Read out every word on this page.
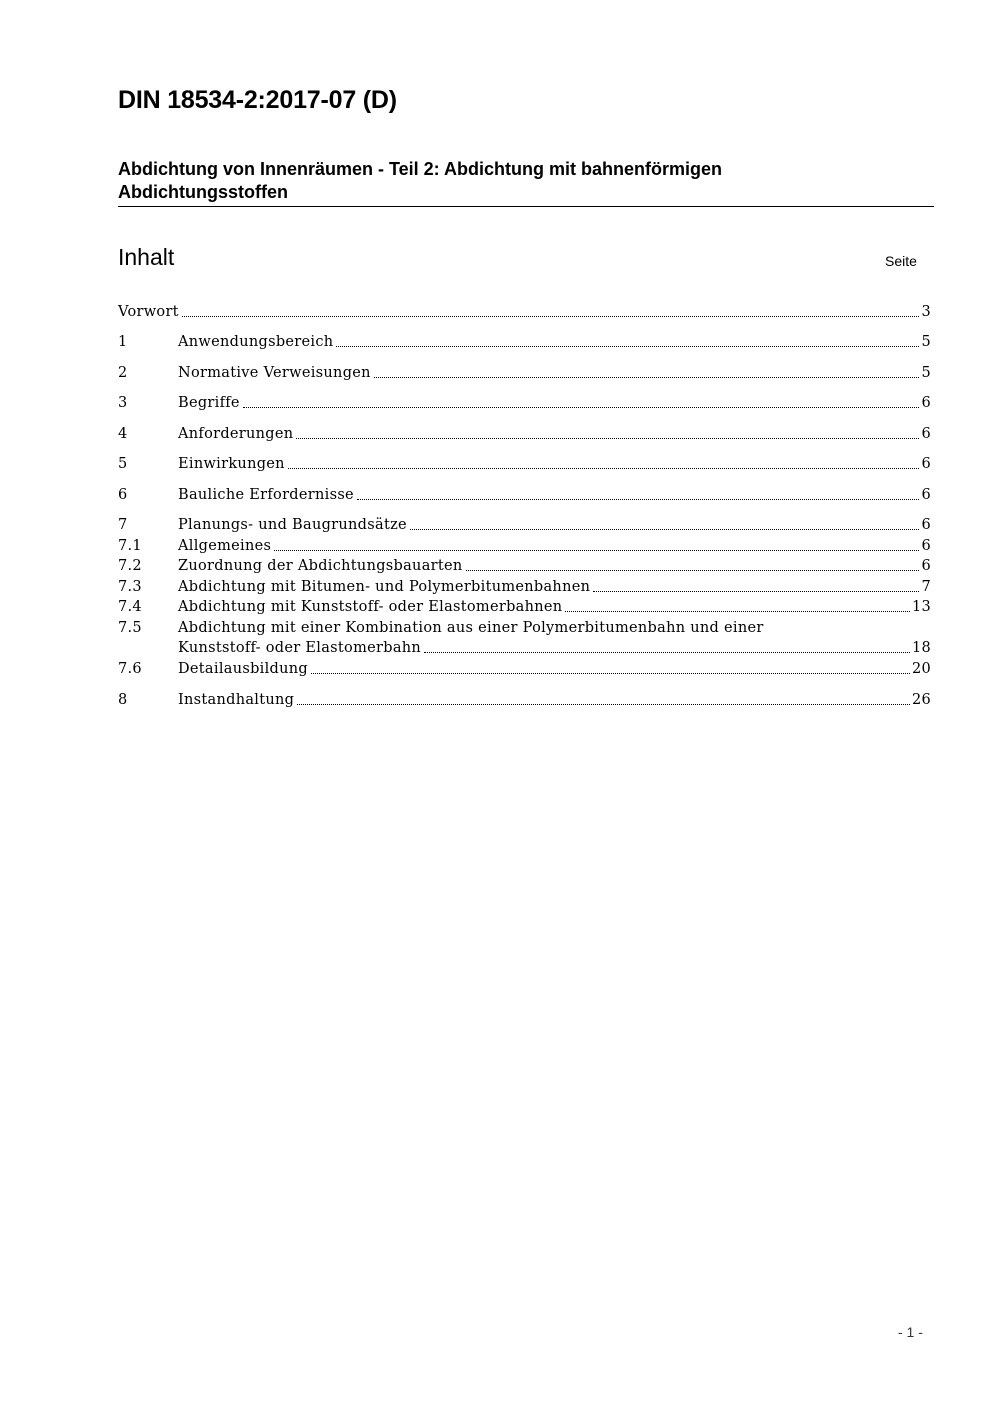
DIN 18534-2:2017-07 (D)
Abdichtung von Innenräumen - Teil 2: Abdichtung mit bahnenförmigen Abdichtungsstoffen
Inhalt	Seite
Vorwort	3
1	Anwendungsbereich	5
2	Normative Verweisungen	5
3	Begriffe	6
4	Anforderungen	6
5	Einwirkungen	6
6	Bauliche Erfordernisse	6
7	Planungs- und Baugrundsätze	6
7.1	Allgemeines	6
7.2	Zuordnung der Abdichtungsbauarten	6
7.3	Abdichtung mit Bitumen- und Polymerbitumenbahnen	7
7.4	Abdichtung mit Kunststoff- oder Elastomerbahnen	13
7.5	Abdichtung mit einer Kombination aus einer Polymerbitumenbahn und einer
Kunststoff- oder Elastomerbahn	18
7.6	Detailausbildung	20
8	Instandhaltung	26
- 1 -
